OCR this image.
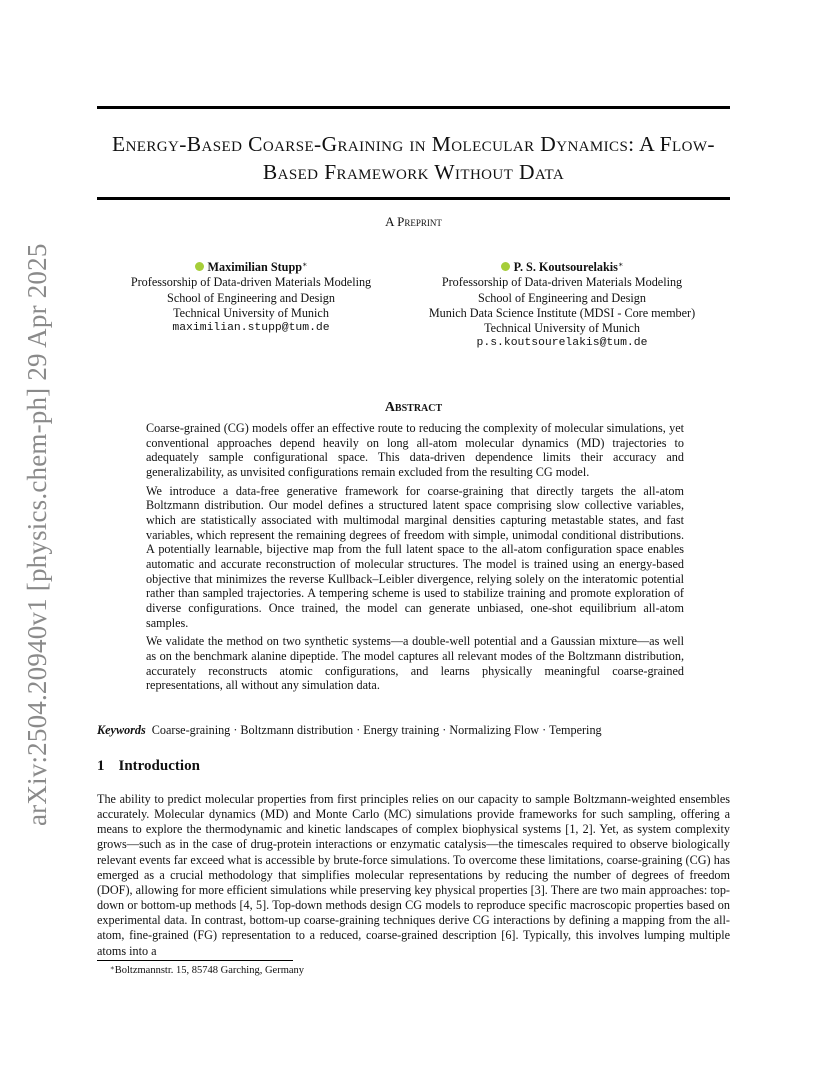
arXiv:2504.20940v1 [physics.chem-ph] 29 Apr 2025
Energy-Based Coarse-Graining in Molecular Dynamics: A Flow-Based Framework Without Data
A Preprint
Maximilian Stupp∗
Professorship of Data-driven Materials Modeling
School of Engineering and Design
Technical University of Munich
maximilian.stupp@tum.de
P. S. Koutsourelakis∗
Professorship of Data-driven Materials Modeling
School of Engineering and Design
Munich Data Science Institute (MDSI - Core member)
Technical University of Munich
p.s.koutsourelakis@tum.de
Abstract

Coarse-grained (CG) models offer an effective route to reducing the complexity of molecular simulations, yet conventional approaches depend heavily on long all-atom molecular dynamics (MD) trajectories to adequately sample configurational space. This data-driven dependence limits their accuracy and generalizability, as unvisited configurations remain excluded from the resulting CG model.

We introduce a data-free generative framework for coarse-graining that directly targets the all-atom Boltzmann distribution. Our model defines a structured latent space comprising slow collective variables, which are statistically associated with multimodal marginal densities capturing metastable states, and fast variables, which represent the remaining degrees of freedom with simple, unimodal conditional distributions. A potentially learnable, bijective map from the full latent space to the all-atom configuration space enables automatic and accurate reconstruction of molecular structures. The model is trained using an energy-based objective that minimizes the reverse Kullback–Leibler divergence, relying solely on the interatomic potential rather than sampled trajectories. A tempering scheme is used to stabilize training and promote exploration of diverse configurations. Once trained, the model can generate unbiased, one-shot equilibrium all-atom samples.

We validate the method on two synthetic systems—a double-well potential and a Gaussian mixture—as well as on the benchmark alanine dipeptide. The model captures all relevant modes of the Boltzmann distribution, accurately reconstructs atomic configurations, and learns physically meaningful coarse-grained representations, all without any simulation data.

Keywords Coarse-graining · Boltzmann distribution · Energy training · Normalizing Flow · Tempering
1 Introduction

The ability to predict molecular properties from first principles relies on our capacity to sample Boltzmann-weighted ensembles accurately. Molecular dynamics (MD) and Monte Carlo (MC) simulations provide frameworks for such sampling, offering a means to explore the thermodynamic and kinetic landscapes of complex biophysical systems [1, 2]. Yet, as system complexity grows—such as in the case of drug-protein interactions or enzymatic catalysis—the timescales required to observe biologically relevant events far exceed what is accessible by brute-force simulations. To overcome these limitations, coarse-graining (CG) has emerged as a crucial methodology that simplifies molecular representations by reducing the number of degrees of freedom (DOF), allowing for more efficient simulations while preserving key physical properties [3]. There are two main approaches: top-down or bottom-up methods [4, 5]. Top-down methods design CG models to reproduce specific macroscopic properties based on experimental data. In contrast, bottom-up coarse-graining techniques derive CG interactions by defining a mapping from the all-atom, fine-grained (FG) representation to a reduced, coarse-grained description [6]. Typically, this involves lumping multiple atoms into a

∗Boltzmannstr. 15, 85748 Garching, Germany
